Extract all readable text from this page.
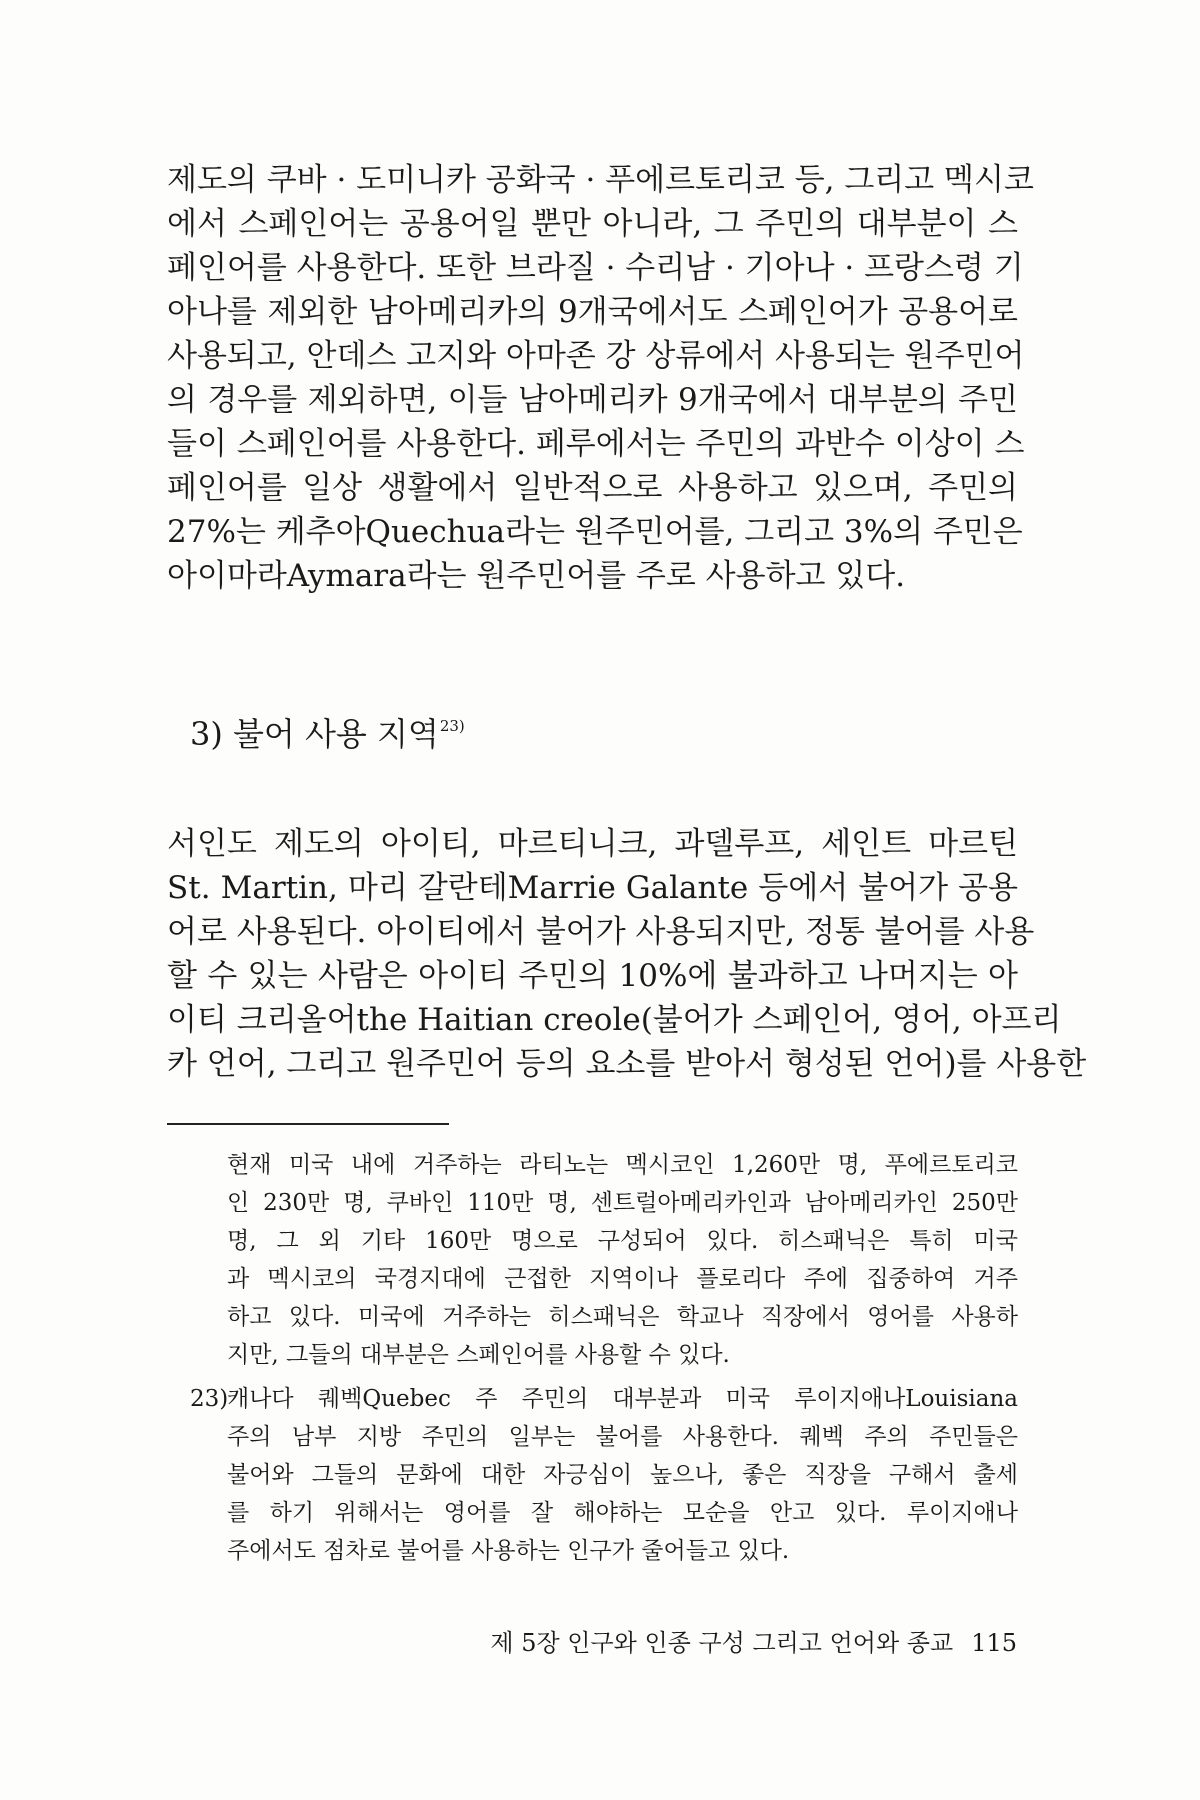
제도의 쿠바 · 도미니카 공화국 · 푸에르토리코 등, 그리고 멕시코
에서 스페인어는 공용어일 뿐만 아니라, 그 주민의 대부분이 스
페인어를 사용한다. 또한 브라질 · 수리남 · 기아나 · 프랑스령 기
아나를 제외한 남아메리카의 9개국에서도 스페인어가 공용어로
사용되고, 안데스 고지와 아마존 강 상류에서 사용되는 원주민어
의 경우를 제외하면, 이들 남아메리카 9개국에서 대부분의 주민
들이 스페인어를 사용한다. 페루에서는 주민의 과반수 이상이 스
페인어를 일상 생활에서 일반적으로 사용하고 있으며, 주민의
27%는 케추아Quechua라는 원주민어를, 그리고 3%의 주민은
아이마라Aymara라는 원주민어를 주로 사용하고 있다.
3) 불어 사용 지역$^{23)}$
서인도 제도의 아이티, 마르티니크, 과델루프, 세인트 마르틴
St. Martin, 마리 갈란테Marrie Galante 등에서 불어가 공용
어로 사용된다. 아이티에서 불어가 사용되지만, 정통 불어를 사용
할 수 있는 사람은 아이티 주민의 10%에 불과하고 나머지는 아
이티 크리올어the Haitian creole(불어가 스페인어, 영어, 아프리
카 언어, 그리고 원주민어 등의 요소를 받아서 형성된 언어)를 사용한
현재 미국 내에 거주하는 라티노는 멕시코인 1,260만 명, 푸에르토리코
인 230만 명, 쿠바인 110만 명, 센트럴아메리카인과 남아메리카인 250만
명, 그 외 기타 160만 명으로 구성되어 있다. 히스패닉은 특히 미국
과 멕시코의 국경지대에 근접한 지역이나 플로리다 주에 집중하여 거주
하고 있다. 미국에 거주하는 히스패닉은 학교나 직장에서 영어를 사용하
지만, 그들의 대부분은 스페인어를 사용할 수 있다.
23)
캐나다 퀘벡Quebec 주 주민의 대부분과 미국 루이지애나Louisiana
주의 남부 지방 주민의 일부는 불어를 사용한다. 퀘벡 주의 주민들은
불어와 그들의 문화에 대한 자긍심이 높으나, 좋은 직장을 구해서 출세
를 하기 위해서는 영어를 잘 해야하는 모순을 안고 있다. 루이지애나
주에서도 점차로 불어를 사용하는 인구가 줄어들고 있다.
제 5장 인구와 인종 구성 그리고 언어와 종교 115
